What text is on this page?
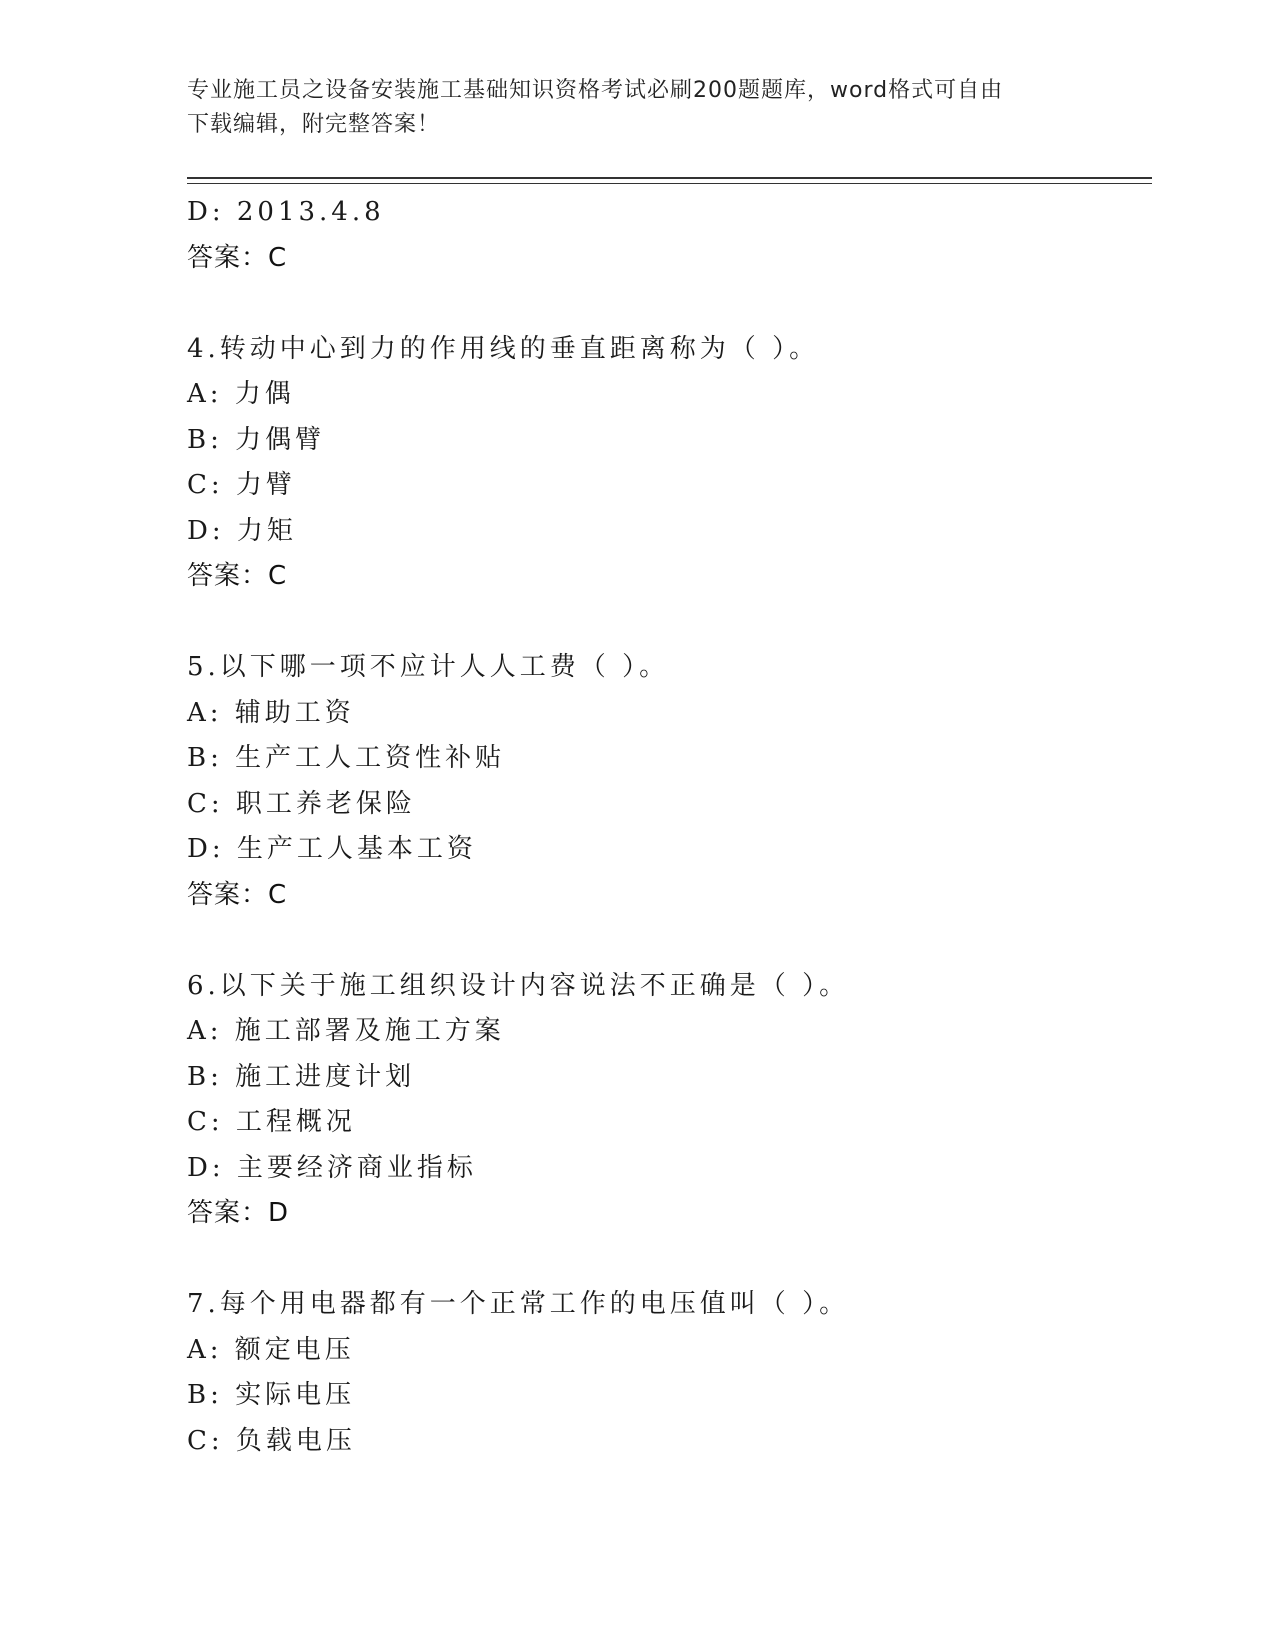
专业施工员之设备安装施工基础知识资格考试必刷200题题库，word格式可自由
下载编辑，附完整答案！
D: 2013.4.8
答案：C
4.转动中心到力的作用线的垂直距离称为（ ）。
A: 力偶
B: 力偶臂
C: 力臂
D: 力矩
答案：C
5.以下哪一项不应计人人工费（ ）。
A: 辅助工资
B: 生产工人工资性补贴
C: 职工养老保险
D: 生产工人基本工资
答案：C
6.以下关于施工组织设计内容说法不正确是（ ）。
A: 施工部署及施工方案
B: 施工进度计划
C: 工程概况
D: 主要经济商业指标
答案：D
7.每个用电器都有一个正常工作的电压值叫（ ）。
A: 额定电压
B: 实际电压
C: 负载电压
